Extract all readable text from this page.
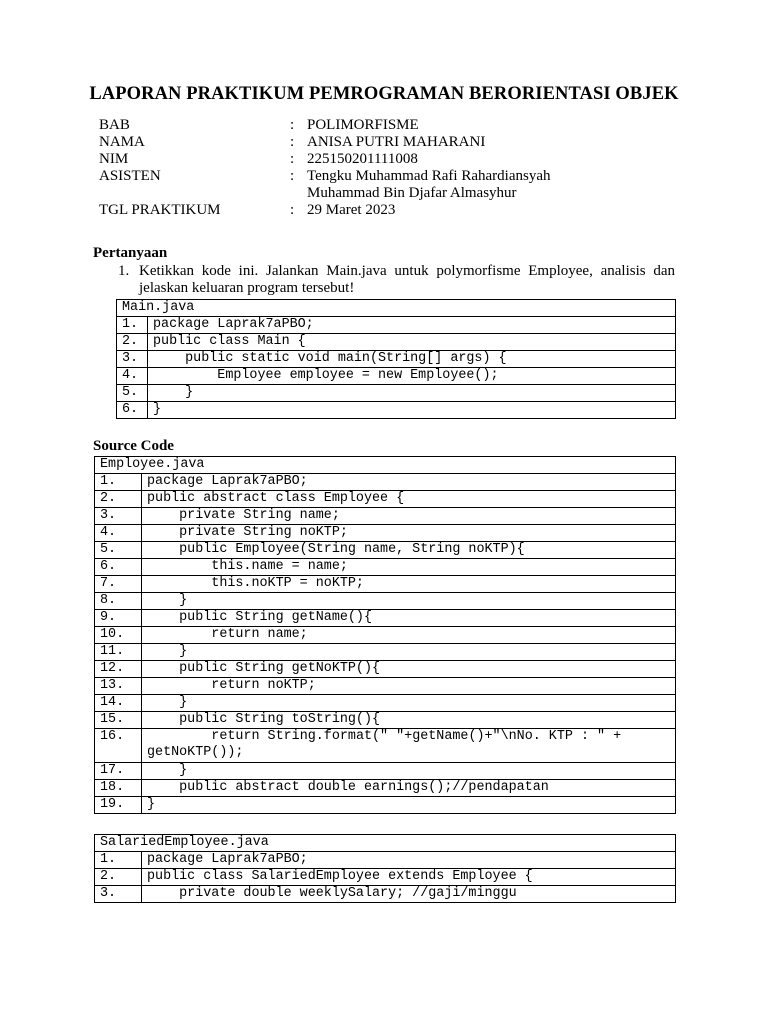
LAPORAN PRAKTIKUM PEMROGRAMAN BERORIENTASI OBJEK
BAB	: POLIMORFISME
NAMA	: ANISA PUTRI MAHARANI
NIM	: 225150201111008
ASISTEN	: Tengku Muhammad Rafi Rahardiansyah
Muhammad Bin Djafar Almasyhur
TGL PRAKTIKUM	: 29 Maret 2023
Pertanyaan
1. Ketikkan kode ini. Jalankan Main.java untuk polymorfisme Employee, analisis dan jelaskan keluaran program tersebut!
Main.java	
1.	package Laprak7aPBO;
2.	public class Main {
3.	public static void main(String[] args) {
4.	Employee employee = new Employee();
5.	}
6.	}
Source Code
Employee.java	
1.	package Laprak7aPBO;
2.	public abstract class Employee {
3.	private String name;
4.	private String noKTP;
5.	public Employee(String name, String noKTP){
6.	this.name = name;
7.	this.noKTP = noKTP;
8.	}
9.	public String getName(){
10.	return name;
11.	}
12.	public String getNoKTP(){
13.	return noKTP;
14.	}
15.	public String toString(){
16.	return String.format(" "+getName()+"\nNo. KTP : " + getNoKTP());
17.	}
18.	public abstract double earnings();//pendapatan
19.	}
SalariedEmployee.java	
1.	package Laprak7aPBO;
2.	public class SalariedEmployee extends Employee {
3.	private double weeklySalary; //gaji/minggu
